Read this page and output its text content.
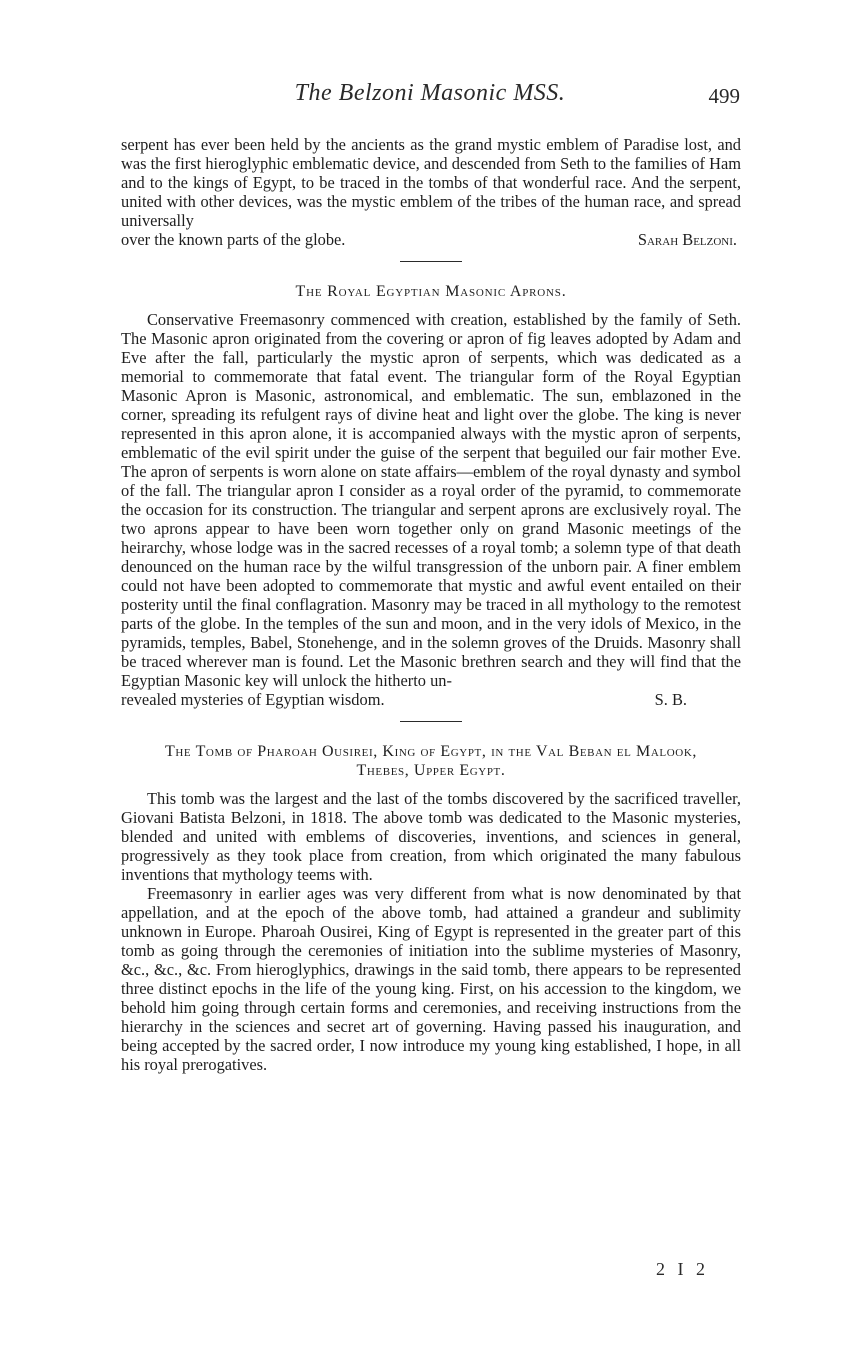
The Belzoni Masonic MSS.	499

serpent has ever been held by the ancients as the grand mystic emblem of Paradise lost, and was the first hieroglyphic emblematic device, and descended from Seth to the families of Ham and to the kings of Egypt, to be traced in the tombs of that wonderful race. And the serpent, united with other devices, was the mystic emblem of the tribes of the human race, and spread universally

over the known parts of the globe.	Sarah Belzoni.
The Royal Egyptian Masonic Aprons.

Conservative Freemasonry commenced with creation, established by the family of Seth. The Masonic apron originated from the covering or apron of fig leaves adopted by Adam and Eve after the fall, particularly the mystic apron of serpents, which was dedicated as a memorial to commemorate that fatal event. The triangular form of the Royal Egyptian Masonic Apron is Masonic, astronomical, and emblematic. The sun, emblazoned in the corner, spreading its refulgent rays of divine heat and light over the globe. The king is never represented in this apron alone, it is accompanied always with the mystic apron of serpents, emblematic of the evil spirit under the guise of the serpent that beguiled our fair mother Eve. The apron of serpents is worn alone on state affairs—emblem of the royal dynasty and symbol of the fall. The triangular apron I consider as a royal order of the pyramid, to commemorate the occasion for its construction. The triangular and serpent aprons are exclusively royal. The two aprons appear to have been worn together only on grand Masonic meetings of the heirarchy, whose lodge was in the sacred recesses of a royal tomb; a solemn type of that death denounced on the human race by the wilful transgression of the unborn pair. A finer emblem could not have been adopted to commemorate that mystic and awful event entailed on their posterity until the final conflagration. Masonry may be traced in all mythology to the remotest parts of the globe. In the temples of the sun and moon, and in the very idols of Mexico, in the pyramids, temples, Babel, Stonehenge, and in the solemn groves of the Druids. Masonry shall be traced wherever man is found. Let the Masonic brethren search and they will find that the Egyptian Masonic key will unlock the hitherto un-

revealed mysteries of Egyptian wisdom.	S. B.
The Tomb of Pharoah Ousirei, King of Egypt, in the Val Beban el Malook,
Thebes, Upper Egypt.

This tomb was the largest and the last of the tombs discovered by the sacrificed traveller, Giovani Batista Belzoni, in 1818. The above tomb was dedicated to the Masonic mysteries, blended and united with emblems of discoveries, inventions, and sciences in general, progressively as they took place from creation, from which originated the many fabulous inventions that mythology teems with.

Freemasonry in earlier ages was very different from what is now denominated by that appellation, and at the epoch of the above tomb, had attained a grandeur and sublimity unknown in Europe. Pharoah Ousirei, King of Egypt is represented in the greater part of this tomb as going through the ceremonies of initiation into the sublime mysteries of Masonry, &c., &c., &c. From hieroglyphics, drawings in the said tomb, there appears to be represented three distinct epochs in the life of the young king. First, on his accession to the kingdom, we behold him going through certain forms and ceremonies, and receiving instructions from the hierarchy in the sciences and secret art of governing. Having passed his inauguration, and being accepted by the sacred order, I now introduce my young king established, I hope, in all his royal prerogatives.

2 I 2
